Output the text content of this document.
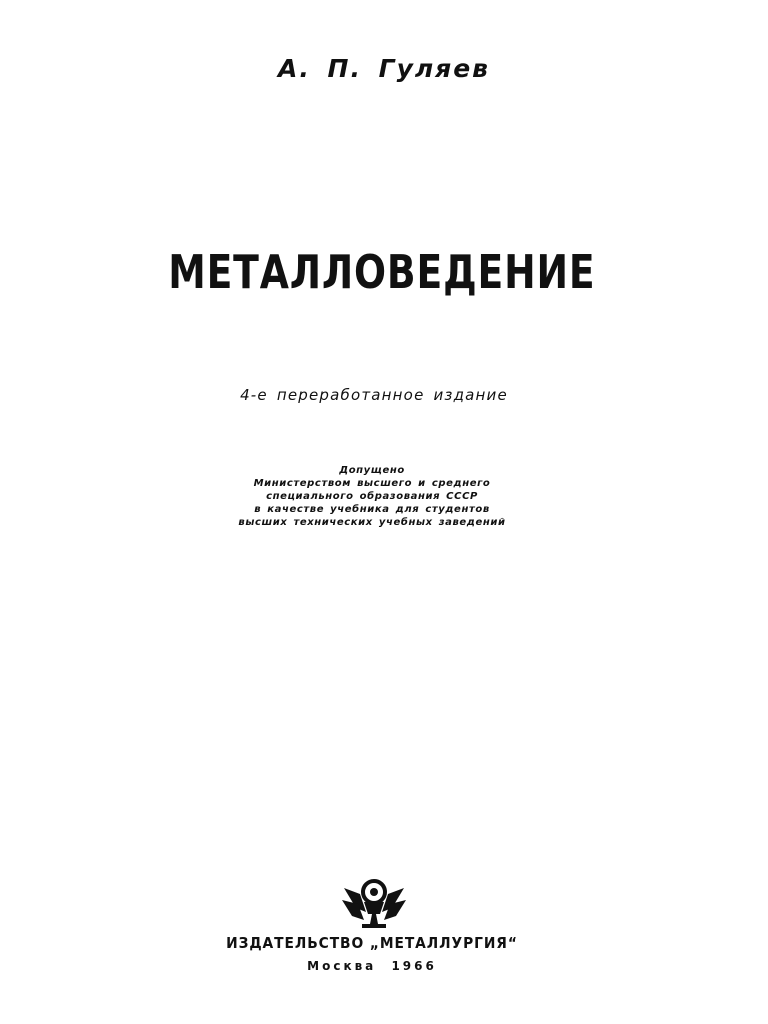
А. П. Гуляев
МЕТАЛЛОВЕДЕНИЕ
4-е переработанное издание
Допущено
Министерством высшего и среднего
специального образования СССР
в качестве учебника для студентов
высших технических учебных заведений
ИЗДАТЕЛЬСТВО „МЕТАЛЛУРГИЯ“
Москва 1966
